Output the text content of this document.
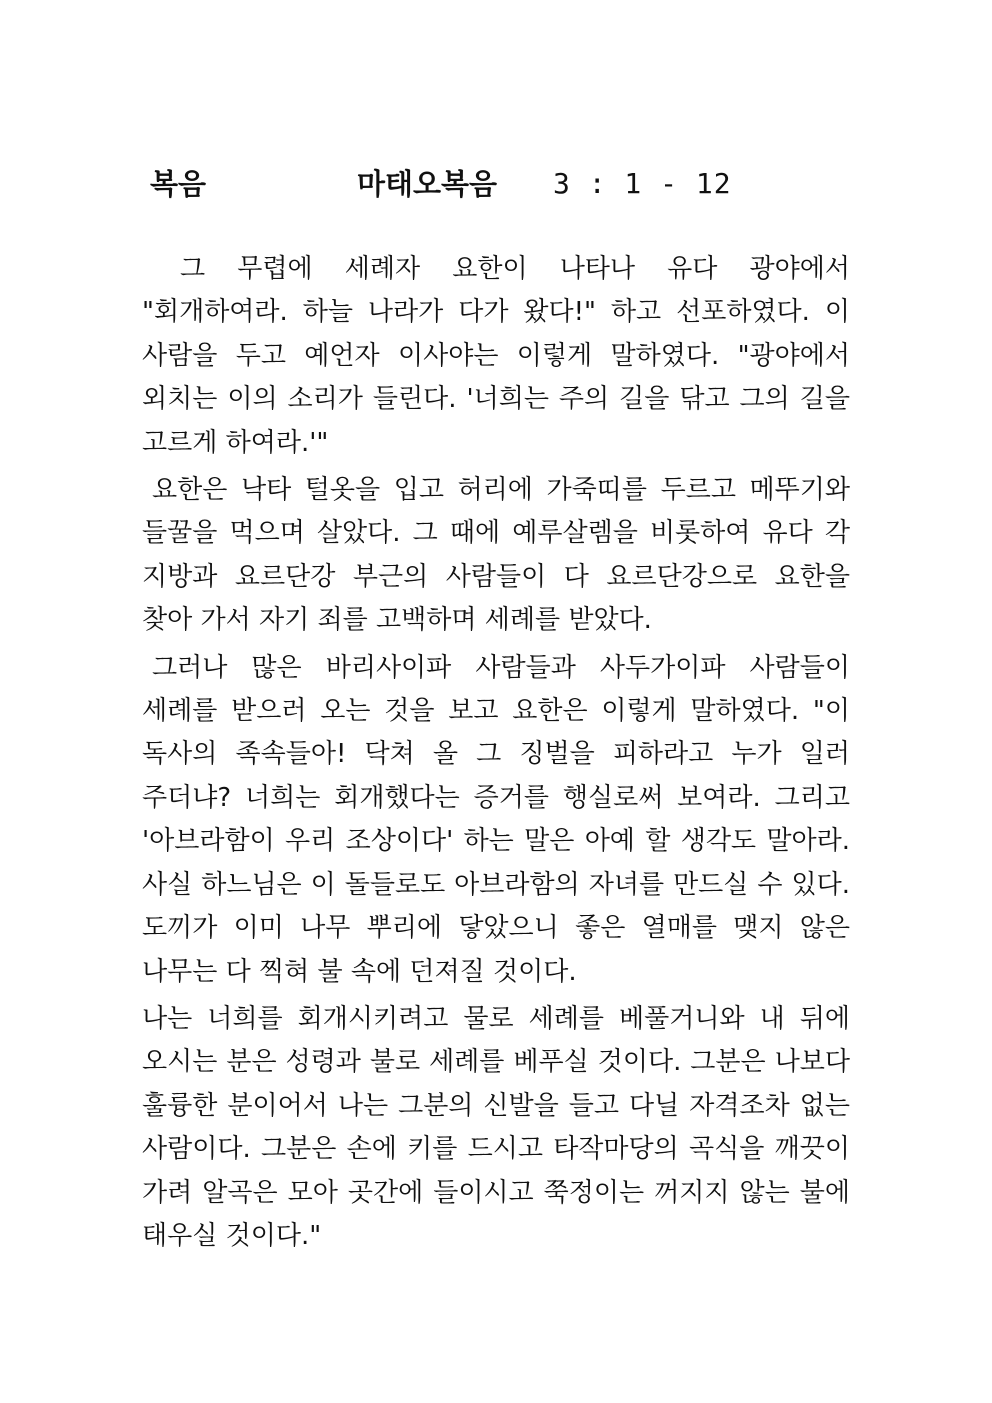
복음	마태오복음 3 : 1 - 12

그 무렵에 세례자 요한이 나타나 유다 광야에서 "회개하여라. 하늘 나라가 다가 왔다!" 하고 선포하였다. 이 사람을 두고 예언자 이사야는 이렇게 말하였다. "광야에서 외치는 이의 소리가 들린다. '너희는 주의 길을 닦고 그의 길을 고르게 하여라.'"

요한은 낙타 털옷을 입고 허리에 가죽띠를 두르고 메뚜기와 들꿀을 먹으며 살았다. 그 때에 예루살렘을 비롯하여 유다 각 지방과 요르단강 부근의 사람들이 다 요르단강으로 요한을 찾아 가서 자기 죄를 고백하며 세례를 받았다.

그러나 많은 바리사이파 사람들과 사두가이파 사람들이 세례를 받으러 오는 것을 보고 요한은 이렇게 말하였다. "이 독사의 족속들아! 닥쳐 올 그 징벌을 피하라고 누가 일러 주더냐? 너희는 회개했다는 증거를 행실로써 보여라. 그리고 '아브라함이 우리 조상이다' 하는 말은 아예 할 생각도 말아라. 사실 하느님은 이 돌들로도 아브라함의 자녀를 만드실 수 있다. 도끼가 이미 나무 뿌리에 닿았으니 좋은 열매를 맺지 않은 나무는 다 찍혀 불 속에 던져질 것이다.

나는 너희를 회개시키려고 물로 세례를 베풀거니와 내 뒤에 오시는 분은 성령과 불로 세례를 베푸실 것이다. 그분은 나보다 훌륭한 분이어서 나는 그분의 신발을 들고 다닐 자격조차 없는 사람이다. 그분은 손에 키를 드시고 타작마당의 곡식을 깨끗이 가려 알곡은 모아 곳간에 들이시고 쭉정이는 꺼지지 않는 불에 태우실 것이다."
